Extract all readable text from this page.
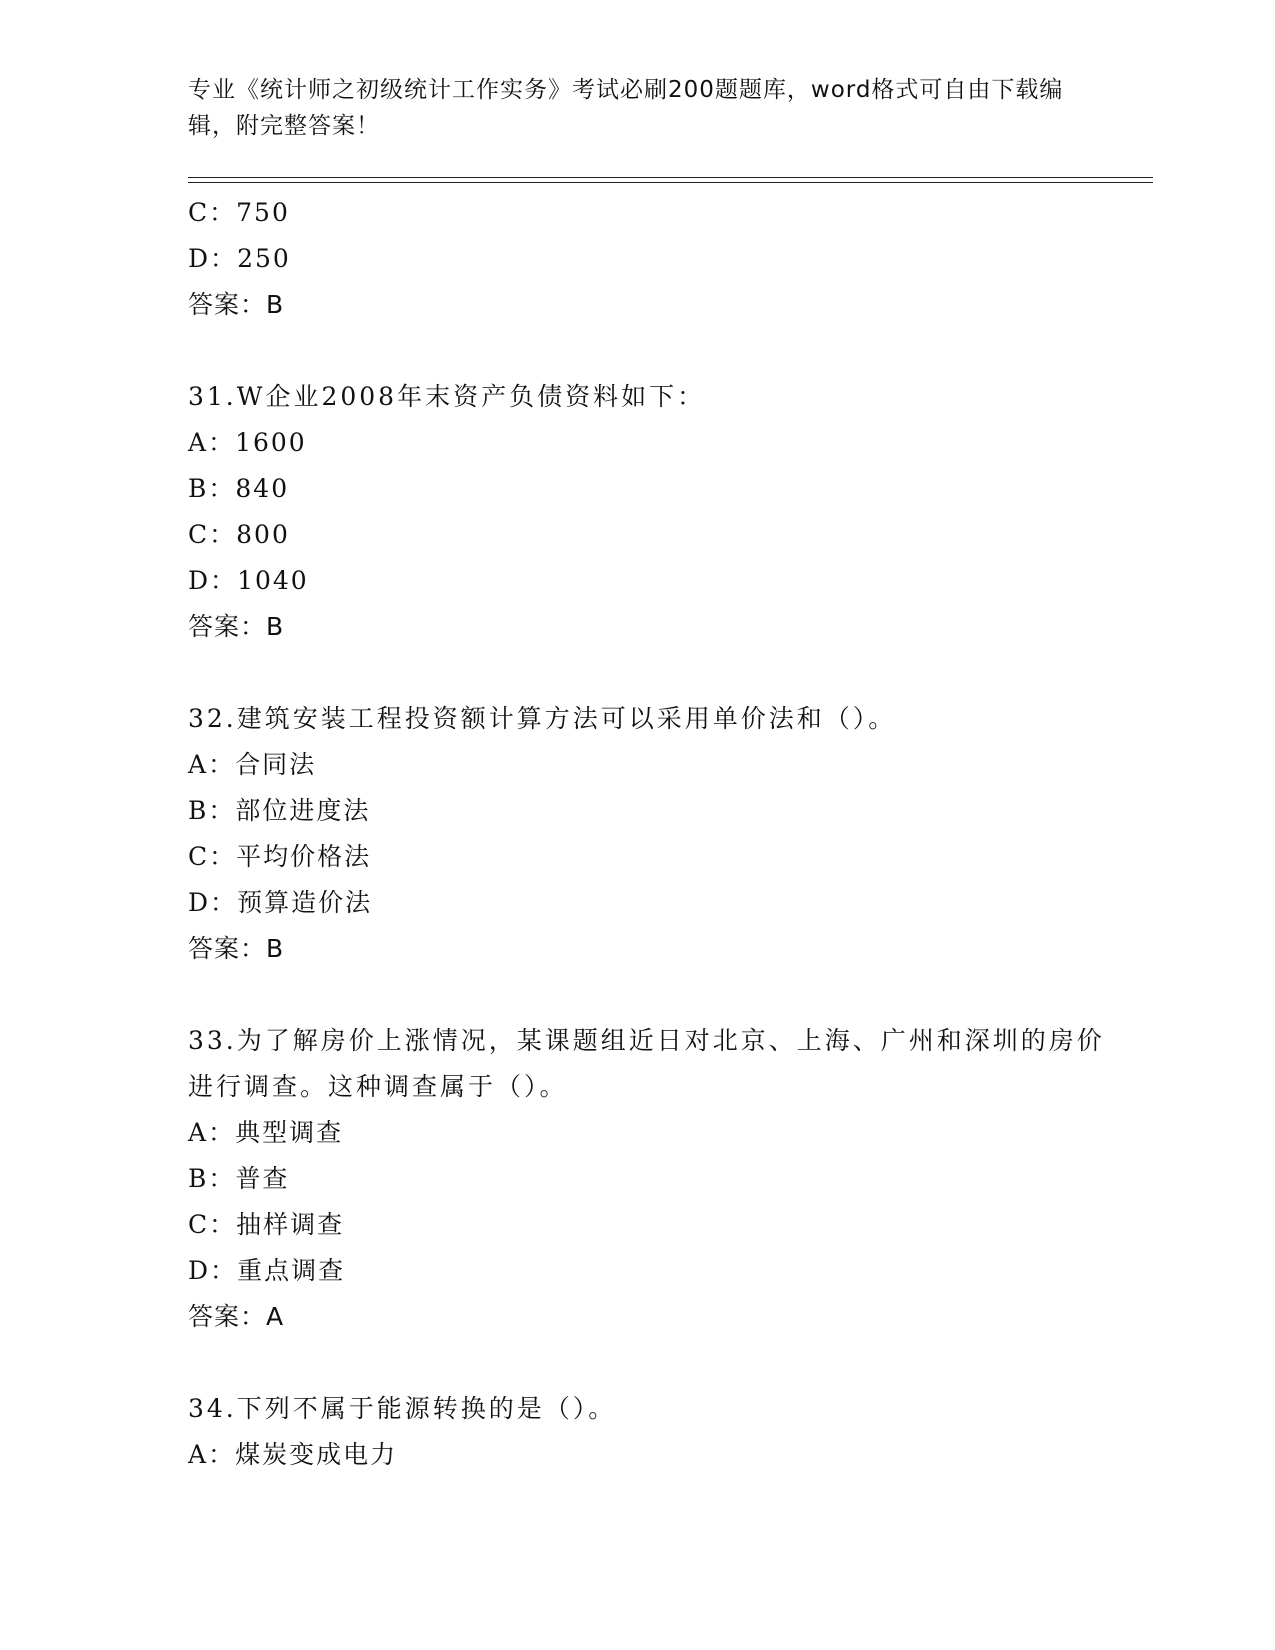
专业《统计师之初级统计工作实务》考试必刷200题题库，word格式可自由下载编辑，附完整答案！
C：750
D：250
答案：B
31.W企业2008年末资产负债资料如下：
A：1600
B：840
C：800
D：1040
答案：B
32.建筑安装工程投资额计算方法可以采用单价法和（）。
A：合同法
B：部位进度法
C：平均价格法
D：预算造价法
答案：B
33.为了解房价上涨情况，某课题组近日对北京、上海、广州和深圳的房价进行调查。这种调查属于（）。
A：典型调查
B：普查
C：抽样调查
D：重点调查
答案：A
34.下列不属于能源转换的是（）。
A：煤炭变成电力
